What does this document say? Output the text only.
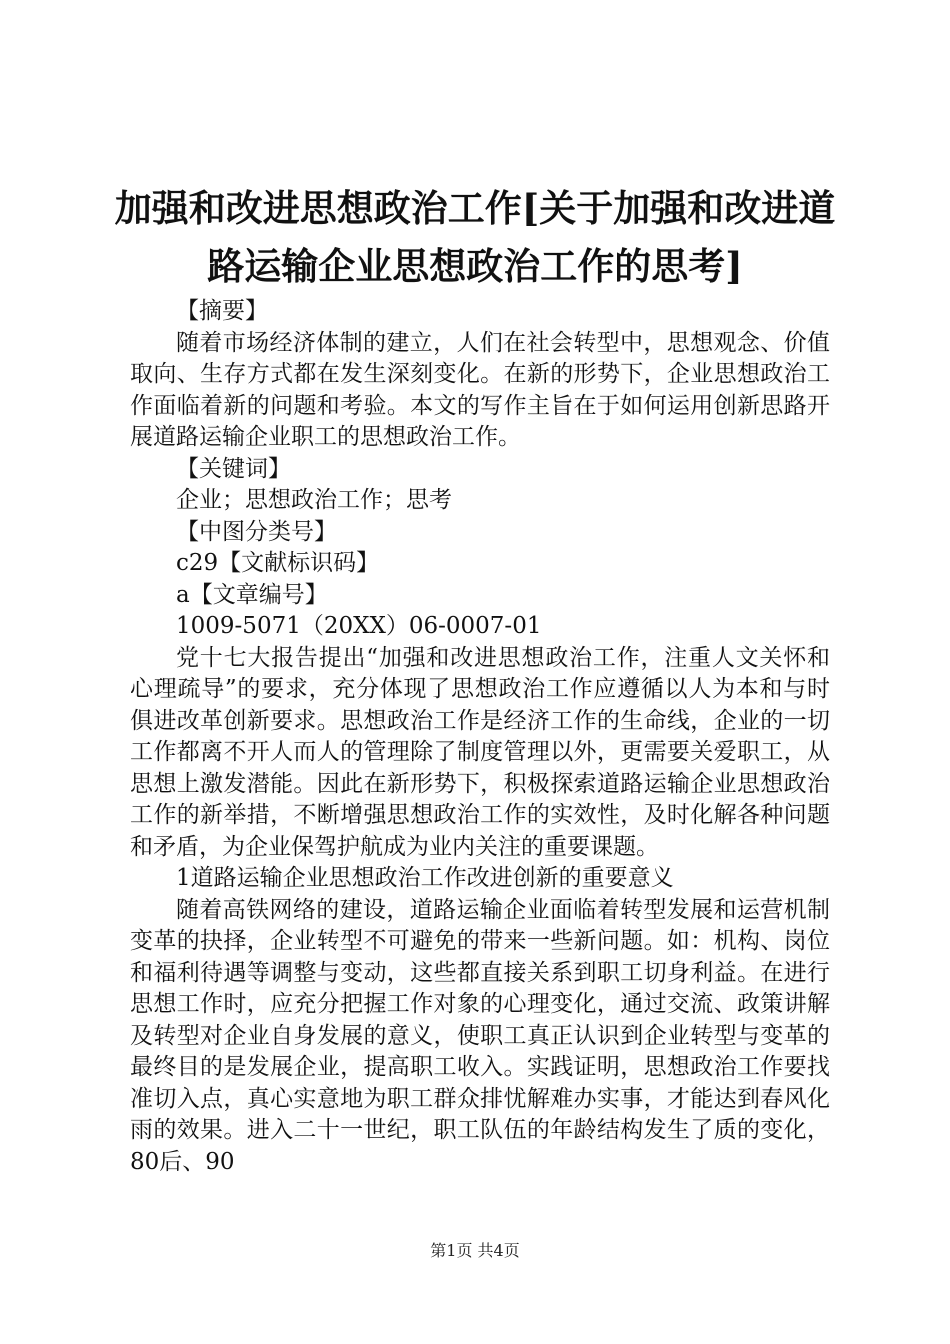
加强和改进思想政治工作[关于加强和改进道
路运输企业思想政治工作的思考]

【摘要】

随着市场经济体制的建立，人们在社会转型中，思想观念、价值取向、生存方式都在发生深刻变化。在新的形势下，企业思想政治工作面临着新的问题和考验。本文的写作主旨在于如何运用创新思路开展道路运输企业职工的思想政治工作。

【关键词】

企业；思想政治工作；思考

【中图分类号】

c29【文献标识码】

a【文章编号】

1009-5071（20XX）06-0007-01

党十七大报告提出“加强和改进思想政治工作，注重人文关怀和心理疏导”的要求，充分体现了思想政治工作应遵循以人为本和与时俱进改革创新要求。思想政治工作是经济工作的生命线，企业的一切工作都离不开人而人的管理除了制度管理以外，更需要关爱职工，从思想上激发潜能。因此在新形势下，积极探索道路运输企业思想政治工作的新举措，不断增强思想政治工作的实效性，及时化解各种问题和矛盾，为企业保驾护航成为业内关注的重要课题。

1道路运输企业思想政治工作改进创新的重要意义

随着高铁网络的建设，道路运输企业面临着转型发展和运营机制变革的抉择，企业转型不可避免的带来一些新问题。如：机构、岗位和福利待遇等调整与变动，这些都直接关系到职工切身利益。在进行思想工作时，应充分把握工作对象的心理变化，通过交流、政策讲解及转型对企业自身发展的意义，使职工真正认识到企业转型与变革的最终目的是发展企业，提高职工收入。实践证明，思想政治工作要找准切入点，真心实意地为职工群众排忧解难办实事，才能达到春风化雨的效果。进入二十一世纪，职工队伍的年龄结构发生了质的变化，80后、90

第1页 共4页
